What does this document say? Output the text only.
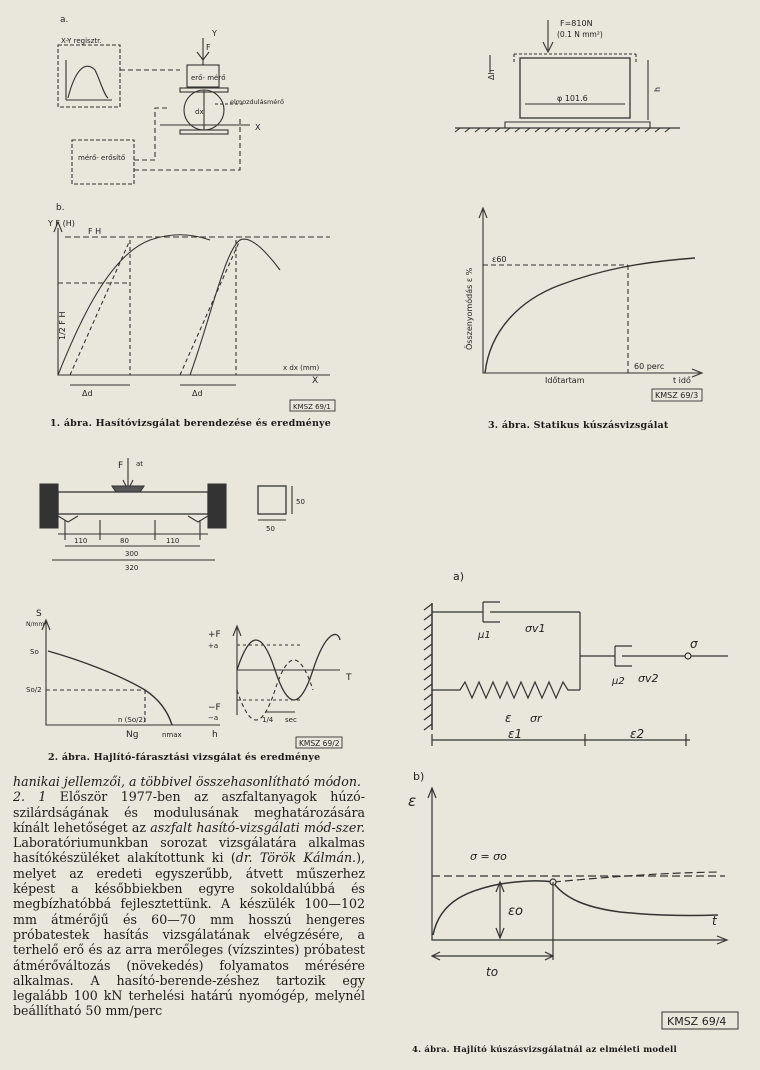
a.
X-Y regisztr.
mérő- erősítő
erő- mérő
elmozdulásmérő
Y
F
dx
X
b.
Y F (H)
F H
1/2 F H
x dx (mm)
X
Δd	Δd
KMSZ 69/1
1. ábra. Hasítóvizsgálat berendezése és eredménye
F=810N
(0.1 N mm²)
φ 101.6
Δh
h
Összenyomódás ε %
ε60
Időtartam	t idő
60 perc
KMSZ 69/3
3. ábra. Statikus kúszásvizsgálat
F at
110	80	110
300
320
50
50
S
N/mm²
So
So/2
n (So/2)
Ng	nmax	h
+F
+a
−F
−a
T
1/4 sec
KMSZ 69/2
2. ábra. Hajlító-fárasztási vizsgálat és eredménye
a)
μ1
σv1
μ2 σv2
σ
ε σr
ε1	ε2
b)
ε
σ = σo
εo
t
to
KMSZ 69/4
4. ábra. Hajlító kúszásvizsgálatnál az elméleti modell

hanikai jellemzői, a többivel összehasonlítható módon.

2. 1 Először 1977-ben az aszfaltanyagok húzó-szilárdságának és modulusának meghatározására kínált lehetőséget az aszfalt hasító-vizsgálati mód-szer. Laboratóriumunkban sorozat vizsgálatára alkalmas hasítókészüléket alakítottunk ki (dr. Török Kálmán.), melyet az eredeti egyszerűbb, átvett műszerhez képest a későbbiekben egyre sokoldalúbbá és megbízhatóbbá fejlesztettünk. A készülék 100—102 mm átmérőjű és 60—70 mm hosszú hengeres próbatestek hasítás vizsgálatának elvégzésére, a terhelő erő és az arra merőleges (vízszintes) próbatest átmérőváltozás (növekedés) folyamatos mérésére alkalmas. A hasító-berende-zéshez tartozik egy legalább 100 kN terhelési határú nyomógép, melynél beállítható 50 mm/perc
